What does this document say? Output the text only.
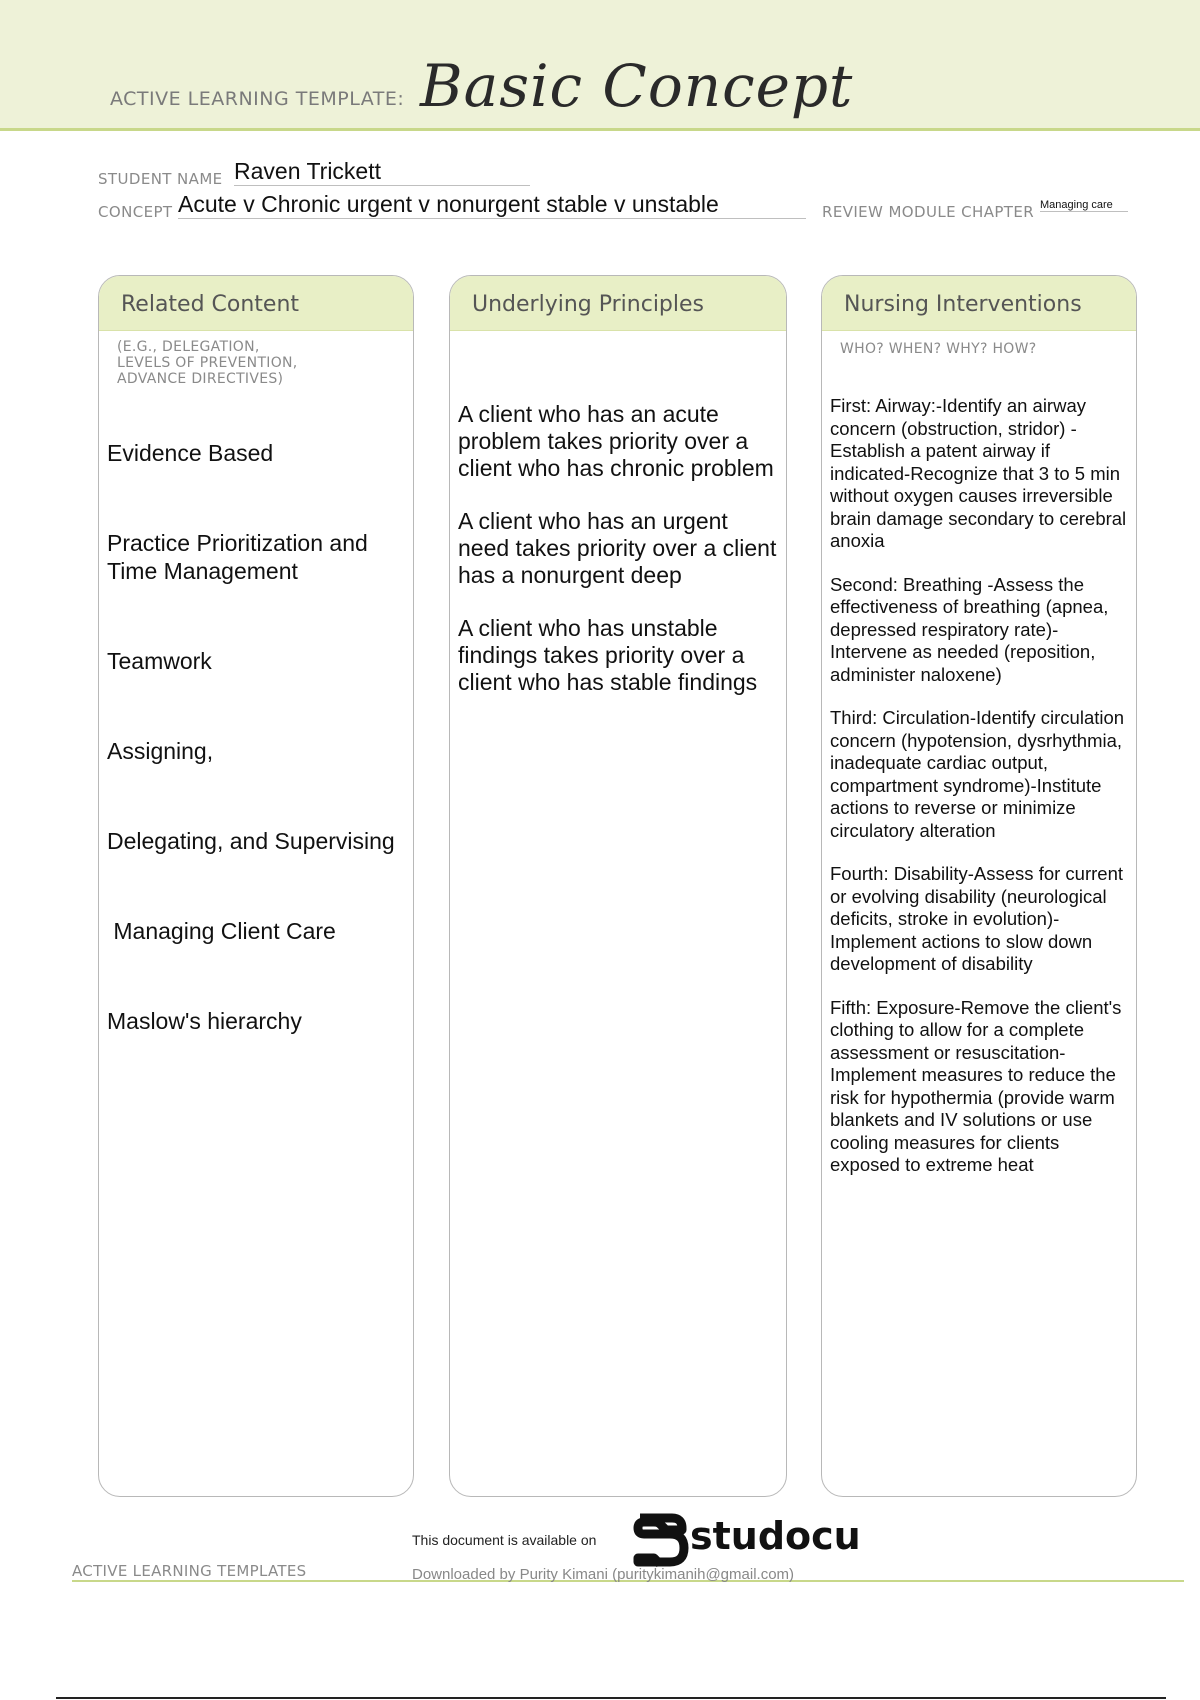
ACTIVE LEARNING TEMPLATE: Basic Concept
STUDENT NAME Raven Trickett
CONCEPT Acute v Chronic urgent v nonurgent stable v unstable	REVIEW MODULE CHAPTER Managing care
Related Content
(E.G., DELEGATION,
LEVELS OF PREVENTION,
ADVANCE DIRECTIVES)

Evidence Based

Practice Prioritization and Time Management

Teamwork

Assigning,

Delegating, and Supervising

Managing Client Care

Maslow's hierarchy

Underlying Principles
A client who has an acute problem takes priority over a client who has chronic problem
A client who has an urgent need takes priority over a client has a nonurgent deep
A client who has unstable findings takes priority over a client who has stable findings
Nursing Interventions
WHO? WHEN? WHY? HOW?
First: Airway:-Identify an airway concern (obstruction, stridor) -Establish a patent airway if indicated-Recognize that 3 to 5 min without oxygen causes irreversible brain damage secondary to cerebral anoxia
Second: Breathing -Assess the effectiveness of breathing (apnea, depressed respiratory rate)-Intervene as needed (reposition, administer naloxene)
Third: Circulation-Identify circulation concern (hypotension, dysrhythmia, inadequate cardiac output, compartment syndrome)-Institute actions to reverse or minimize circulatory alteration
Fourth: Disability-Assess for current or evolving disability (neurological deficits, stroke in evolution)-Implement actions to slow down development of disability
Fifth: Exposure-Remove the client's clothing to allow for a complete assessment or resuscitation-Implement measures to reduce the risk for hypothermia (provide warm blankets and IV solutions or use cooling measures for clients exposed to extreme heat
This document is available on studocu
ACTIVE LEARNING TEMPLATES	Downloaded by Purity Kimani (puritykimanih@gmail.com)
